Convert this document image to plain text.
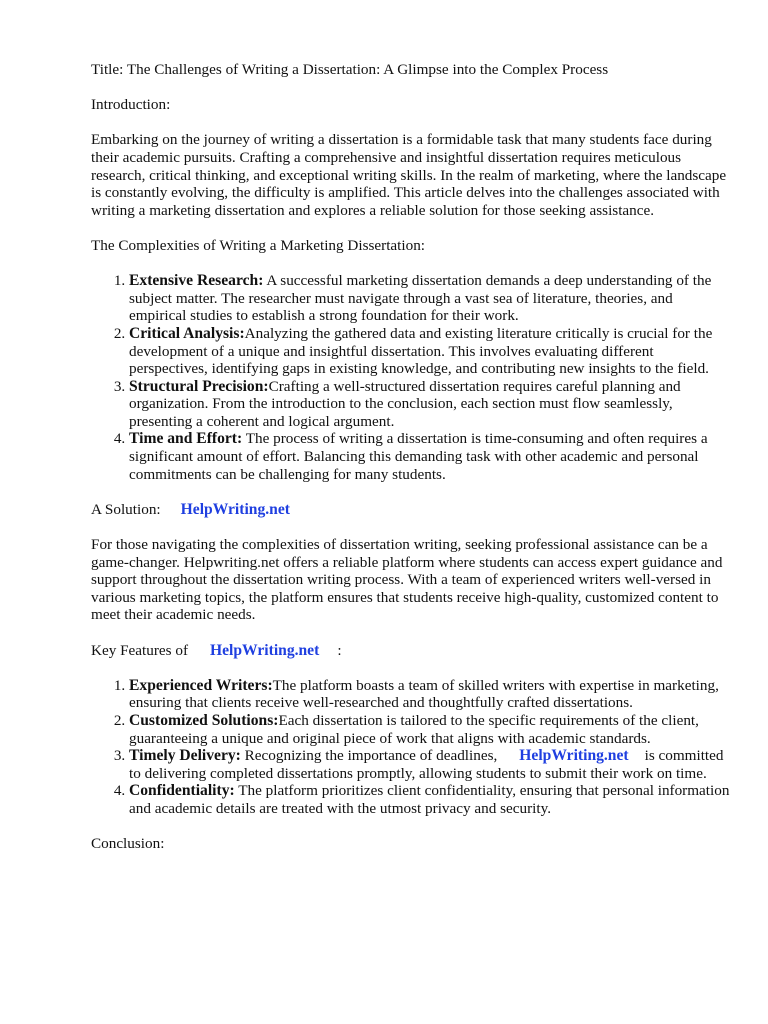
Title: The Challenges of Writing a Dissertation: A Glimpse into the Complex Process

Introduction:

Embarking on the journey of writing a dissertation is a formidable task that many students face during their academic pursuits. Crafting a comprehensive and insightful dissertation requires meticulous research, critical thinking, and exceptional writing skills. In the realm of marketing, where the landscape is constantly evolving, the difficulty is amplified. This article delves into the challenges associated with writing a marketing dissertation and explores a reliable solution for those seeking assistance.

The Complexities of Writing a Marketing Dissertation:

1. Extensive Research: A successful marketing dissertation demands a deep understanding of the subject matter. The researcher must navigate through a vast sea of literature, theories, and empirical studies to establish a strong foundation for their work.
2. Critical Analysis:Analyzing the gathered data and existing literature critically is crucial for the development of a unique and insightful dissertation. This involves evaluating different perspectives, identifying gaps in existing knowledge, and contributing new insights to the field.
3. Structural Precision:Crafting a well-structured dissertation requires careful planning and organization. From the introduction to the conclusion, each section must flow seamlessly, presenting a coherent and logical argument.
4. Time and Effort: The process of writing a dissertation is time-consuming and often requires a significant amount of effort. Balancing this demanding task with other academic and personal commitments can be challenging for many students.

A Solution: HelpWriting.net

For those navigating the complexities of dissertation writing, seeking professional assistance can be a game-changer. Helpwriting.net offers a reliable platform where students can access expert guidance and support throughout the dissertation writing process. With a team of experienced writers well-versed in various marketing topics, the platform ensures that students receive high-quality, customized content to meet their academic needs.

Key Features of HelpWriting.net :

1. Experienced Writers:The platform boasts a team of skilled writers with expertise in marketing, ensuring that clients receive well-researched and thoughtfully crafted dissertations.
2. Customized Solutions:Each dissertation is tailored to the specific requirements of the client, guaranteeing a unique and original piece of work that aligns with academic standards.
3. Timely Delivery: Recognizing the importance of deadlines, HelpWriting.net is committed to delivering completed dissertations promptly, allowing students to submit their work on time.
4. Confidentiality: The platform prioritizes client confidentiality, ensuring that personal information and academic details are treated with the utmost privacy and security.

Conclusion:
